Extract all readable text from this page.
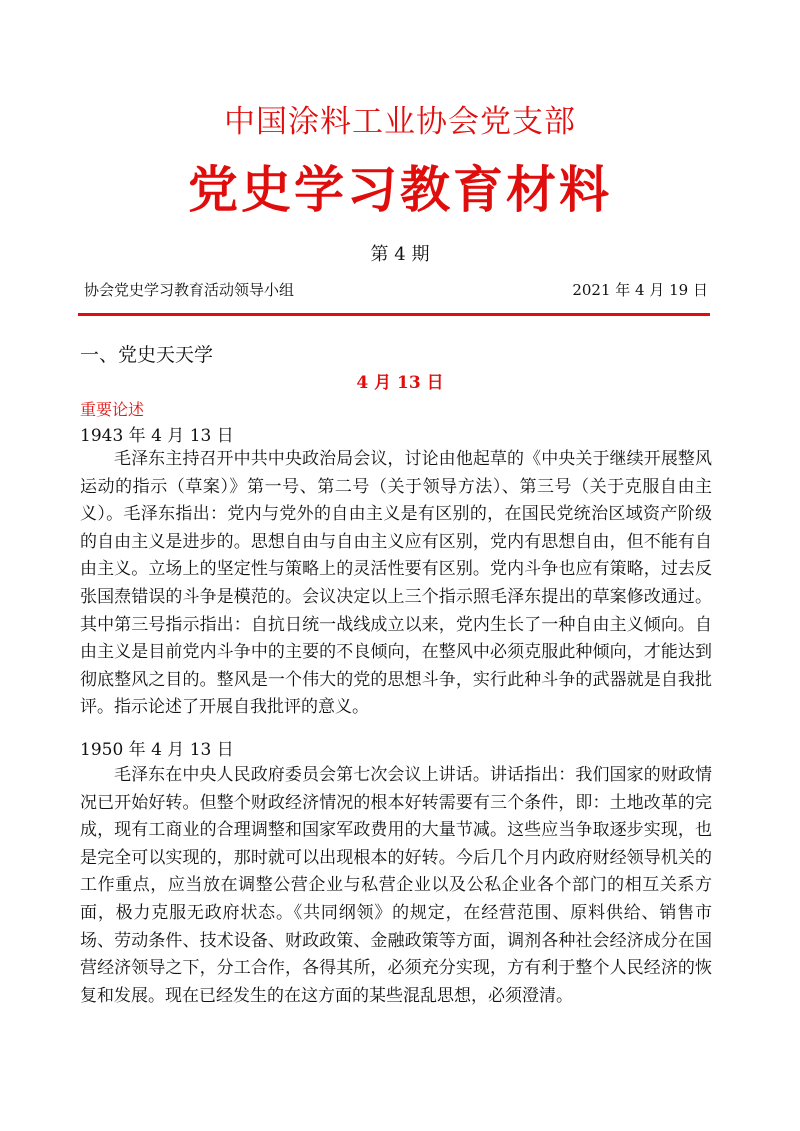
中国涂料工业协会党支部
党史学习教育材料
第 4 期
协会党史学习教育活动领导小组	2021 年 4 月 19 日
一、党史天天学
4 月 13 日
重要论述
1943 年 4 月 13 日

毛泽东主持召开中共中央政治局会议，讨论由他起草的《中央关于继续开展整风运动的指示（草案）》第一号、第二号（关于领导方法）、第三号（关于克服自由主义）。毛泽东指出：党内与党外的自由主义是有区别的，在国民党统治区域资产阶级的自由主义是进步的。思想自由与自由主义应有区别，党内有思想自由，但不能有自由主义。立场上的坚定性与策略上的灵活性要有区别。党内斗争也应有策略，过去反张国焘错误的斗争是模范的。会议决定以上三个指示照毛泽东提出的草案修改通过。其中第三号指示指出：自抗日统一战线成立以来，党内生长了一种自由主义倾向。自由主义是目前党内斗争中的主要的不良倾向，在整风中必须克服此种倾向，才能达到彻底整风之目的。整风是一个伟大的党的思想斗争，实行此种斗争的武器就是自我批评。指示论述了开展自我批评的意义。

1950 年 4 月 13 日

毛泽东在中央人民政府委员会第七次会议上讲话。讲话指出：我们国家的财政情况已开始好转。但整个财政经济情况的根本好转需要有三个条件，即：土地改革的完成，现有工商业的合理调整和国家军政费用的大量节减。这些应当争取逐步实现，也是完全可以实现的，那时就可以出现根本的好转。今后几个月内政府财经领导机关的工作重点，应当放在调整公营企业与私营企业以及公私企业各个部门的相互关系方面，极力克服无政府状态。《共同纲领》的规定，在经营范围、原料供给、销售市场、劳动条件、技术设备、财政政策、金融政策等方面，调剂各种社会经济成分在国营经济领导之下，分工合作，各得其所，必须充分实现，方有利于整个人民经济的恢复和发展。现在已经发生的在这方面的某些混乱思想，必须澄清。
